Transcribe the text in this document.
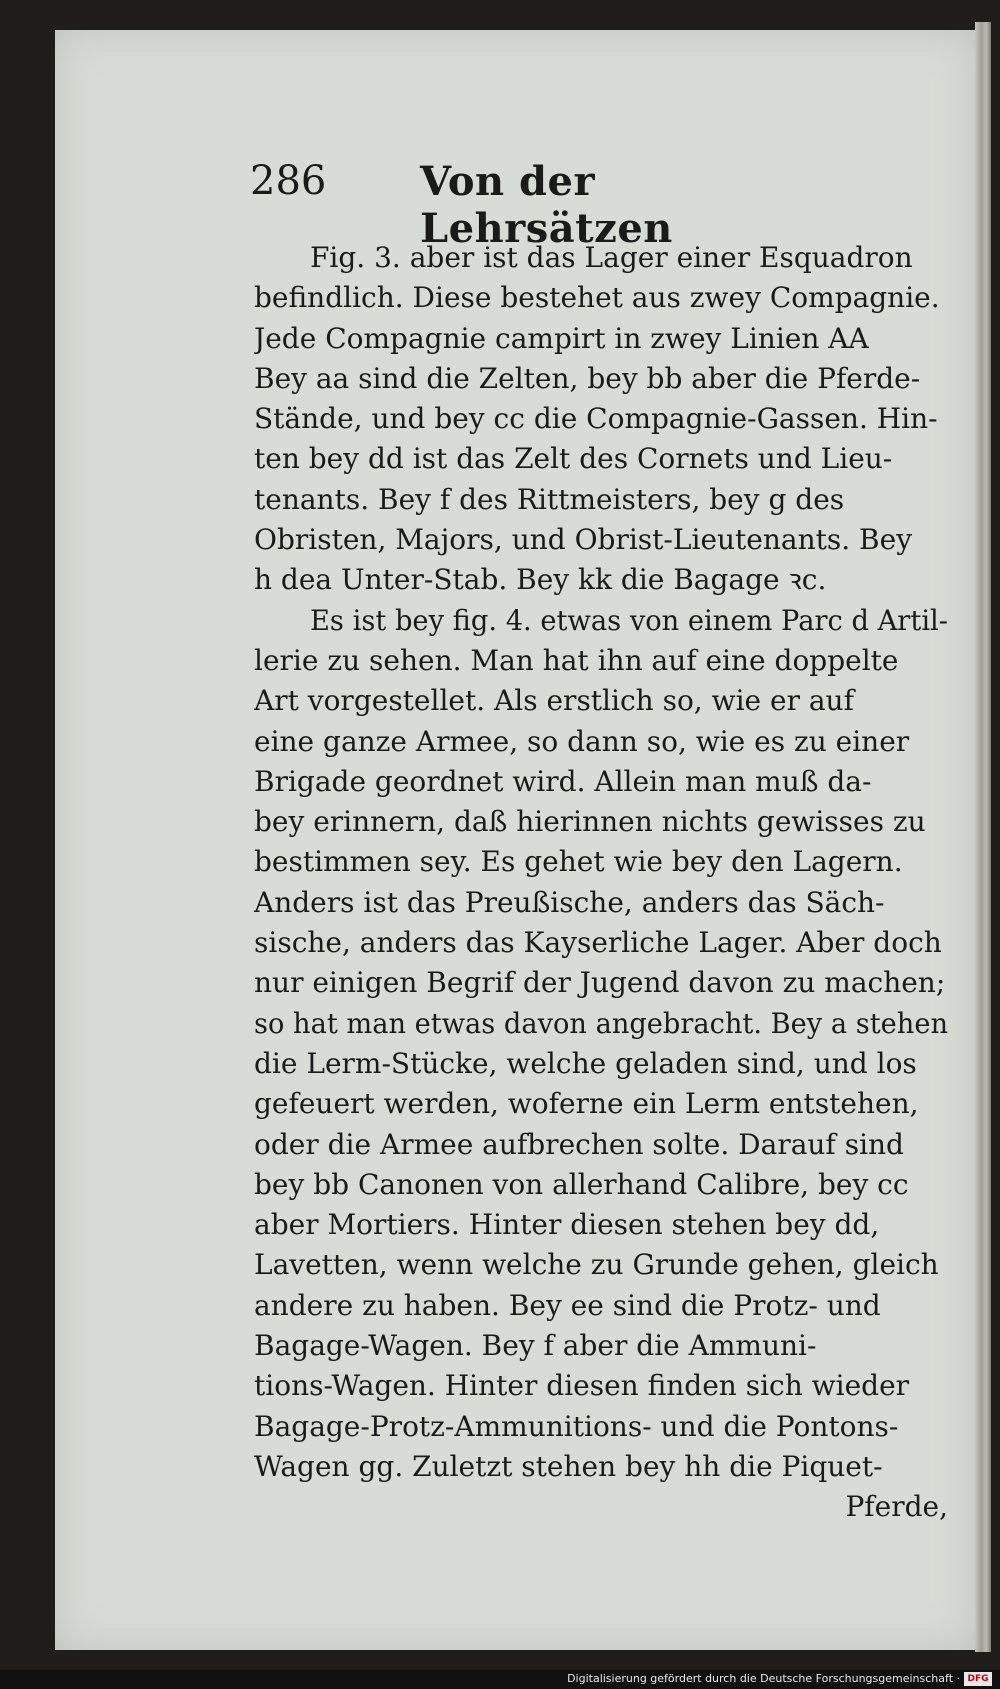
286 Von der Lehrsätzen
Fig. 3. aber ist das Lager einer Esquadron
befindlich. Diese bestehet aus zwey Compagnie.
Jede Compagnie campirt in zwey Linien AA
Bey aa sind die Zelten, bey bb aber die Pferde-
Stände, und bey cc die Compagnie-Gassen. Hin-
ten bey dd ist das Zelt des Cornets und Lieu-
tenants. Bey f des Rittmeisters, bey g des
Obristen, Majors, und Obrist-Lieutenants. Bey
h dea Unter-Stab. Bey kk die Bagage ꝛc.
Es ist bey fig. 4. etwas von einem Parc d Artil-
lerie zu sehen. Man hat ihn auf eine doppelte
Art vorgestellet. Als erstlich so, wie er auf
eine ganze Armee, so dann so, wie es zu einer
Brigade geordnet wird. Allein man muß da-
bey erinnern, daß hierinnen nichts gewisses zu
bestimmen sey. Es gehet wie bey den Lagern.
Anders ist das Preußische, anders das Säch-
sische, anders das Kayserliche Lager. Aber doch
nur einigen Begrif der Jugend davon zu machen;
so hat man etwas davon angebracht. Bey a stehen
die Lerm-Stücke, welche geladen sind, und los
gefeuert werden, woferne ein Lerm entstehen,
oder die Armee aufbrechen solte. Darauf sind
bey bb Canonen von allerhand Calibre, bey cc
aber Mortiers. Hinter diesen stehen bey dd,
Lavetten, wenn welche zu Grunde gehen, gleich
andere zu haben. Bey ee sind die Protz- und
Bagage-Wagen. Bey f aber die Ammuni-
tions-Wagen. Hinter diesen finden sich wieder
Bagage-Protz-Ammunitions- und die Pontons-
Wagen gg. Zuletzt stehen bey hh die Piquet-
Pferde,
Digitalisierung gefördert durch die Deutsche Forschungsgemeinschaft · DFG
